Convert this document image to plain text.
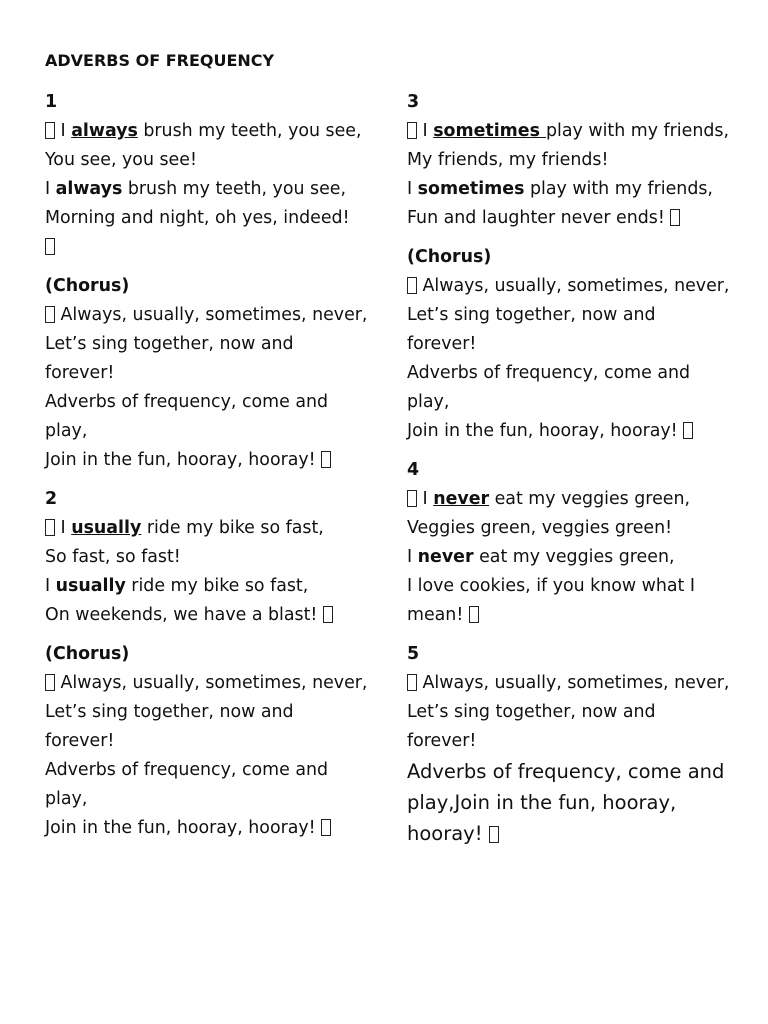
ADVERBS OF FREQUENCY
1
I always brush my teeth, you see,
You see, you see!
I always brush my teeth, you see,
Morning and night, oh yes, indeed!
(Chorus)
Always, usually, sometimes, never,
Let’s sing together, now and
forever!
Adverbs of frequency, come and
play,
Join in the fun, hooray, hooray!
2
I usually ride my bike so fast,
So fast, so fast!
I usually ride my bike so fast,
On weekends, we have a blast!
(Chorus)
Always, usually, sometimes, never,
Let’s sing together, now and
forever!
Adverbs of frequency, come and
play,
Join in the fun, hooray, hooray!
3
I sometimes play with my friends,
My friends, my friends!
I sometimes play with my friends,
Fun and laughter never ends!
(Chorus)
Always, usually, sometimes, never,
Let’s sing together, now and
forever!
Adverbs of frequency, come and
play,
Join in the fun, hooray, hooray!
4
I never eat my veggies green,
Veggies green, veggies green!
I never eat my veggies green,
I love cookies, if you know what I
mean!
5
Always, usually, sometimes, never,
Let’s sing together, now and
forever!
Adverbs of frequency, come and
play,Join in the fun, hooray,
hooray!
